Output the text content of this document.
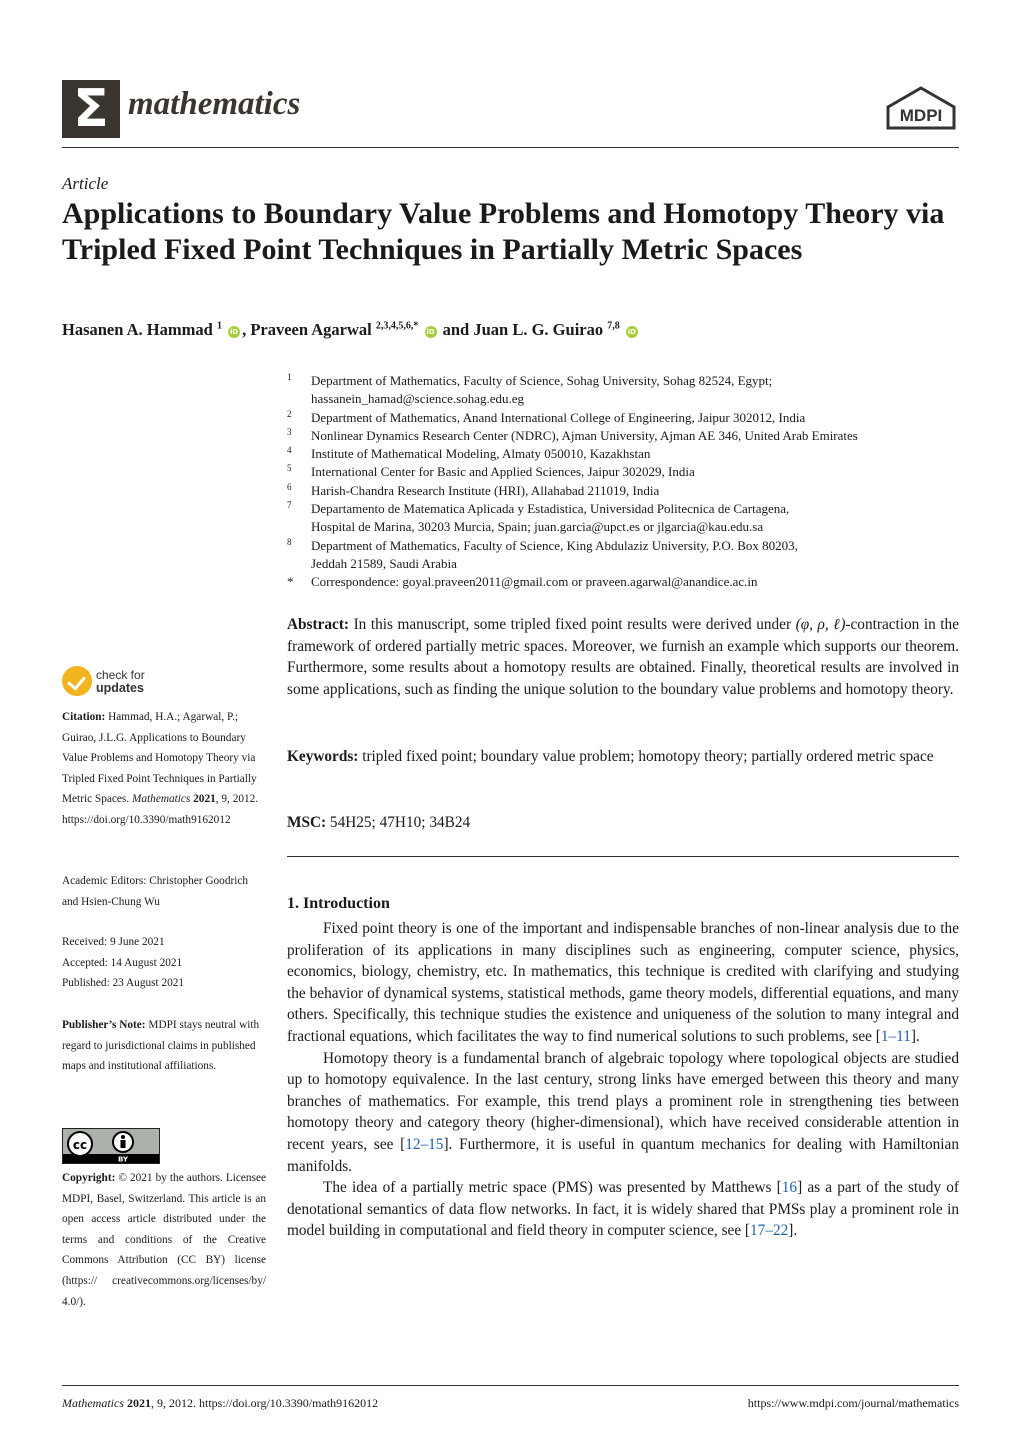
Σ mathematics	MDPI
Article
Applications to Boundary Value Problems and Homotopy Theory via Tripled Fixed Point Techniques in Partially Metric Spaces
Hasanen A. Hammad $^1$ iD , Praveen Agarwal $^{2,3,4,5,6,*}$ iD and Juan L. G. Guirao $^{7,8}$ iD
1 Department of Mathematics, Faculty of Science, Sohag University, Sohag 82524, Egypt;
hassanein_hamad@science.sohag.edu.eg
2 Department of Mathematics, Anand International College of Engineering, Jaipur 302012, India
3 Nonlinear Dynamics Research Center (NDRC), Ajman University, Ajman AE 346, United Arab Emirates
4 Institute of Mathematical Modeling, Almaty 050010, Kazakhstan
5 International Center for Basic and Applied Sciences, Jaipur 302029, India
6 Harish-Chandra Research Institute (HRI), Allahabad 211019, India
7 Departamento de Matematica Aplicada y Estadistica, Universidad Politecnica de Cartagena,
Hospital de Marina, 30203 Murcia, Spain; juan.garcia@upct.es or jlgarcia@kau.edu.sa
8 Department of Mathematics, Faculty of Science, King Abdulaziz University, P.O. Box 80203,
Jeddah 21589, Saudi Arabia
* Correspondence: goyal.praveen2011@gmail.com or praveen.agarwal@anandice.ac.in
Abstract: In this manuscript, some tripled fixed point results were derived under (φ, ρ, ℓ)-contraction in the framework of ordered partially metric spaces. Moreover, we furnish an example which supports our theorem. Furthermore, some results about a homotopy results are obtained. Finally, theoretical results are involved in some applications, such as finding the unique solution to the boundary value problems and homotopy theory.
Keywords: tripled fixed point; boundary value problem; homotopy theory; partially ordered metric space
MSC: 54H25; 47H10; 34B24
1. Introduction

Fixed point theory is one of the important and indispensable branches of non-linear analysis due to the proliferation of its applications in many disciplines such as engineering, computer science, physics, economics, biology, chemistry, etc. In mathematics, this technique is credited with clarifying and studying the behavior of dynamical systems, statistical methods, game theory models, differential equations, and many others. Specifically, this technique studies the existence and uniqueness of the solution to many integral and fractional equations, which facilitates the way to find numerical solutions to such problems, see [1–11].

Homotopy theory is a fundamental branch of algebraic topology where topological objects are studied up to homotopy equivalence. In the last century, strong links have emerged between this theory and many branches of mathematics. For example, this trend plays a prominent role in strengthening ties between homotopy theory and category theory (higher-dimensional), which have received considerable attention in recent years, see [12–15]. Furthermore, it is useful in quantum mechanics for dealing with Hamiltonian manifolds.

The idea of a partially metric space (PMS) was presented by Matthews [16] as a part of the study of denotational semantics of data flow networks. In fact, it is widely shared that PMSs play a prominent role in model building in computational and field theory in computer science, see [17–22].

check for
updates
Citation: Hammad, H.A.; Agarwal, P.; Guirao, J.L.G. Applications to Boundary Value Problems and Homotopy Theory via Tripled Fixed Point Techniques in Partially Metric Spaces. Mathematics 2021, 9, 2012. https://doi.org/10.3390/math9162012
Academic Editors: Christopher Goodrich and Hsien-Chung Wu
Received: 9 June 2021
Accepted: 14 August 2021
Published: 23 August 2021
Publisher’s Note: MDPI stays neutral with regard to jurisdictional claims in published maps and institutional affiliations.
cc
BY
Copyright: © 2021 by the authors. Licensee MDPI, Basel, Switzerland. This article is an open access article distributed under the terms and conditions of the Creative Commons Attribution (CC BY) license (https:// creativecommons.org/licenses/by/ 4.0/).
Mathematics 2021, 9, 2012. https://doi.org/10.3390/math9162012	https://www.mdpi.com/journal/mathematics
